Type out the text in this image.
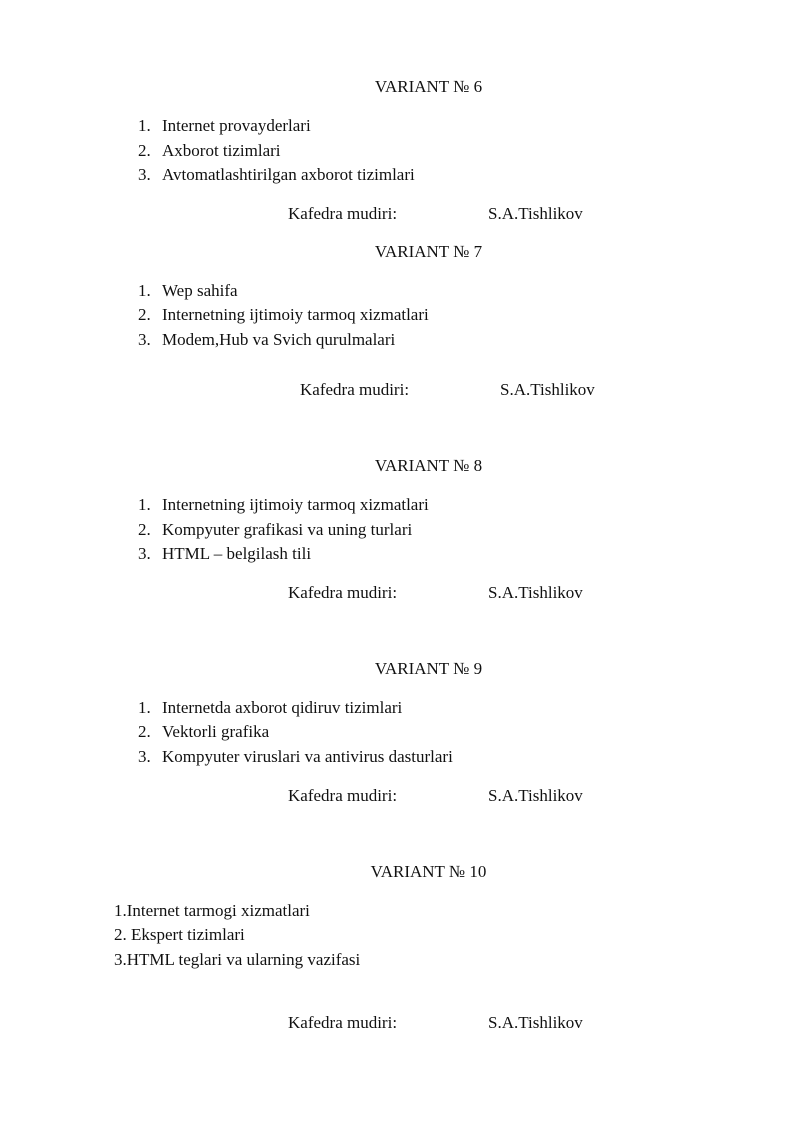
VARIANT № 6
1. Internet provayderlari
2. Axborot tizimlari
3. Avtomatlashtirilgan axborot tizimlari
Kafedra mudiri:	S.A.Tishlikov
VARIANT № 7
1. Wep sahifa
2. Internetning ijtimoiy tarmoq xizmatlari
3. Modem,Hub va Svich qurulmalari
Kafedra mudiri:	S.A.Tishlikov
VARIANT № 8
1. Internetning ijtimoiy tarmoq xizmatlari
2. Kompyuter grafikasi va uning turlari
3. HTML – belgilash tili
Kafedra mudiri:	S.A.Tishlikov
VARIANT № 9
1. Internetda axborot qidiruv tizimlari
2. Vektorli grafika
3. Kompyuter viruslari va antivirus dasturlari
Kafedra mudiri:	S.A.Tishlikov
VARIANT № 10
1.Internet tarmogi xizmatlari
2. Ekspert tizimlari
3.HTML teglari va ularning vazifasi
Kafedra mudiri:	S.A.Tishlikov
